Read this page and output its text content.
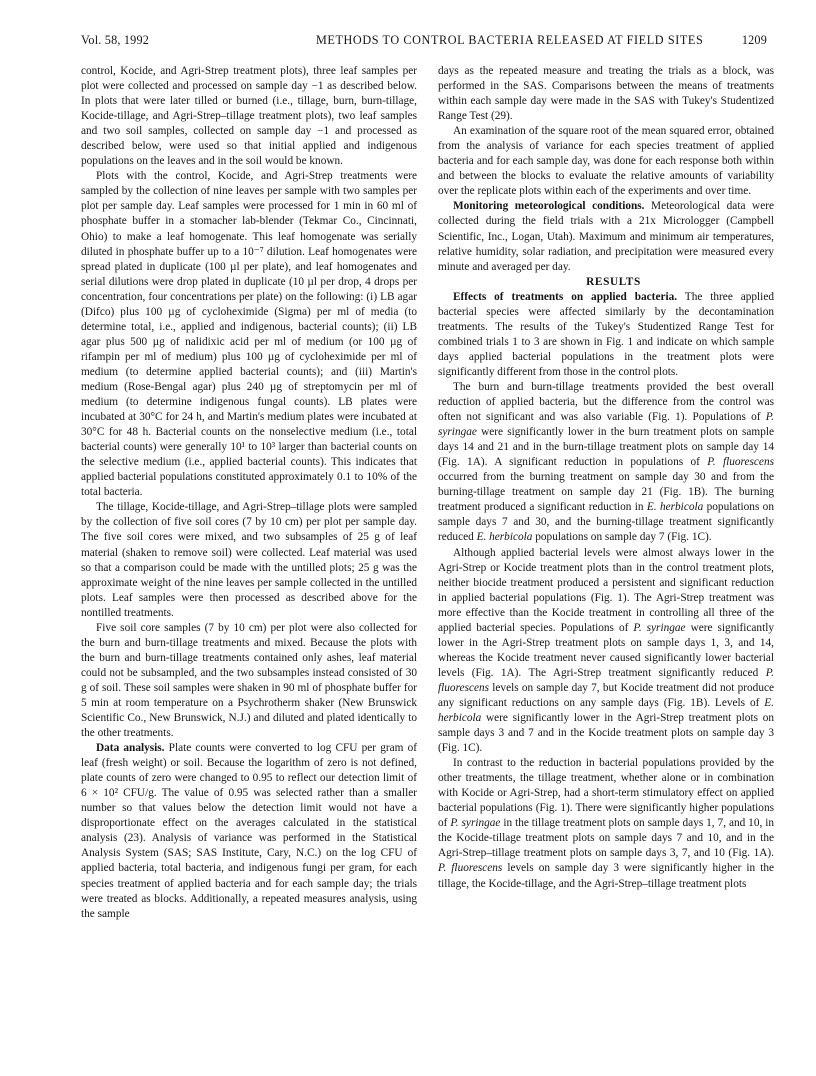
Vol. 58, 1992	METHODS TO CONTROL BACTERIA RELEASED AT FIELD SITES	1209

control, Kocide, and Agri-Strep treatment plots), three leaf samples per plot were collected and processed on sample day −1 as described below. In plots that were later tilled or burned (i.e., tillage, burn, burn-tillage, Kocide-tillage, and Agri-Strep–tillage treatment plots), two leaf samples and two soil samples, collected on sample day −1 and processed as described below, were used so that initial applied and indigenous populations on the leaves and in the soil would be known.

Plots with the control, Kocide, and Agri-Strep treatments were sampled by the collection of nine leaves per sample with two samples per plot per sample day. Leaf samples were processed for 1 min in 60 ml of phosphate buffer in a stomacher lab-blender (Tekmar Co., Cincinnati, Ohio) to make a leaf homogenate. This leaf homogenate was serially diluted in phosphate buffer up to a 10⁻⁷ dilution. Leaf homogenates were spread plated in duplicate (100 µl per plate), and leaf homogenates and serial dilutions were drop plated in duplicate (10 µl per drop, 4 drops per concentration, four concentrations per plate) on the following: (i) LB agar (Difco) plus 100 µg of cycloheximide (Sigma) per ml of media (to determine total, i.e., applied and indigenous, bacterial counts); (ii) LB agar plus 500 µg of nalidixic acid per ml of medium (or 100 µg of rifampin per ml of medium) plus 100 µg of cycloheximide per ml of medium (to determine applied bacterial counts); and (iii) Martin's medium (Rose-Bengal agar) plus 240 µg of streptomycin per ml of medium (to determine indigenous fungal counts). LB plates were incubated at 30°C for 24 h, and Martin's medium plates were incubated at 30°C for 48 h. Bacterial counts on the nonselective medium (i.e., total bacterial counts) were generally 10¹ to 10³ larger than bacterial counts on the selective medium (i.e., applied bacterial counts). This indicates that applied bacterial populations constituted approximately 0.1 to 10% of the total bacteria.

The tillage, Kocide-tillage, and Agri-Strep–tillage plots were sampled by the collection of five soil cores (7 by 10 cm) per plot per sample day. The five soil cores were mixed, and two subsamples of 25 g of leaf material (shaken to remove soil) were collected. Leaf material was used so that a comparison could be made with the untilled plots; 25 g was the approximate weight of the nine leaves per sample collected in the untilled plots. Leaf samples were then processed as described above for the nontilled treatments.

Five soil core samples (7 by 10 cm) per plot were also collected for the burn and burn-tillage treatments and mixed. Because the plots with the burn and burn-tillage treatments contained only ashes, leaf material could not be subsampled, and the two subsamples instead consisted of 30 g of soil. These soil samples were shaken in 90 ml of phosphate buffer for 5 min at room temperature on a Psychrotherm shaker (New Brunswick Scientific Co., New Brunswick, N.J.) and diluted and plated identically to the other treatments.

Data analysis. Plate counts were converted to log CFU per gram of leaf (fresh weight) or soil. Because the logarithm of zero is not defined, plate counts of zero were changed to 0.95 to reflect our detection limit of 6 × 10² CFU/g. The value of 0.95 was selected rather than a smaller number so that values below the detection limit would not have a disproportionate effect on the averages calculated in the statistical analysis (23). Analysis of variance was performed in the Statistical Analysis System (SAS; SAS Institute, Cary, N.C.) on the log CFU of applied bacteria, total bacteria, and indigenous fungi per gram, for each species treatment of applied bacteria and for each sample day; the trials were treated as blocks. Additionally, a repeated measures analysis, using the sample

days as the repeated measure and treating the trials as a block, was performed in the SAS. Comparisons between the means of treatments within each sample day were made in the SAS with Tukey's Studentized Range Test (29).

An examination of the square root of the mean squared error, obtained from the analysis of variance for each species treatment of applied bacteria and for each sample day, was done for each response both within and between the blocks to evaluate the relative amounts of variability over the replicate plots within each of the experiments and over time.

Monitoring meteorological conditions. Meteorological data were collected during the field trials with a 21x Micrologger (Campbell Scientific, Inc., Logan, Utah). Maximum and minimum air temperatures, relative humidity, solar radiation, and precipitation were measured every minute and averaged per day.

RESULTS

Effects of treatments on applied bacteria. The three applied bacterial species were affected similarly by the decontamination treatments. The results of the Tukey's Studentized Range Test for combined trials 1 to 3 are shown in Fig. 1 and indicate on which sample days applied bacterial populations in the treatment plots were significantly different from those in the control plots.

The burn and burn-tillage treatments provided the best overall reduction of applied bacteria, but the difference from the control was often not significant and was also variable (Fig. 1). Populations of P. syringae were significantly lower in the burn treatment plots on sample days 14 and 21 and in the burn-tillage treatment plots on sample day 14 (Fig. 1A). A significant reduction in populations of P. fluorescens occurred from the burning treatment on sample day 30 and from the burning-tillage treatment on sample day 21 (Fig. 1B). The burning treatment produced a significant reduction in E. herbicola populations on sample days 7 and 30, and the burning-tillage treatment significantly reduced E. herbicola populations on sample day 7 (Fig. 1C).

Although applied bacterial levels were almost always lower in the Agri-Strep or Kocide treatment plots than in the control treatment plots, neither biocide treatment produced a persistent and significant reduction in applied bacterial populations (Fig. 1). The Agri-Strep treatment was more effective than the Kocide treatment in controlling all three of the applied bacterial species. Populations of P. syringae were significantly lower in the Agri-Strep treatment plots on sample days 1, 3, and 14, whereas the Kocide treatment never caused significantly lower bacterial levels (Fig. 1A). The Agri-Strep treatment significantly reduced P. fluorescens levels on sample day 7, but Kocide treatment did not produce any significant reductions on any sample days (Fig. 1B). Levels of E. herbicola were significantly lower in the Agri-Strep treatment plots on sample days 3 and 7 and in the Kocide treatment plots on sample day 3 (Fig. 1C).

In contrast to the reduction in bacterial populations provided by the other treatments, the tillage treatment, whether alone or in combination with Kocide or Agri-Strep, had a short-term stimulatory effect on applied bacterial populations (Fig. 1). There were significantly higher populations of P. syringae in the tillage treatment plots on sample days 1, 7, and 10, in the Kocide-tillage treatment plots on sample days 7 and 10, and in the Agri-Strep–tillage treatment plots on sample days 3, 7, and 10 (Fig. 1A). P. fluorescens levels on sample day 3 were significantly higher in the tillage, the Kocide-tillage, and the Agri-Strep–tillage treatment plots
